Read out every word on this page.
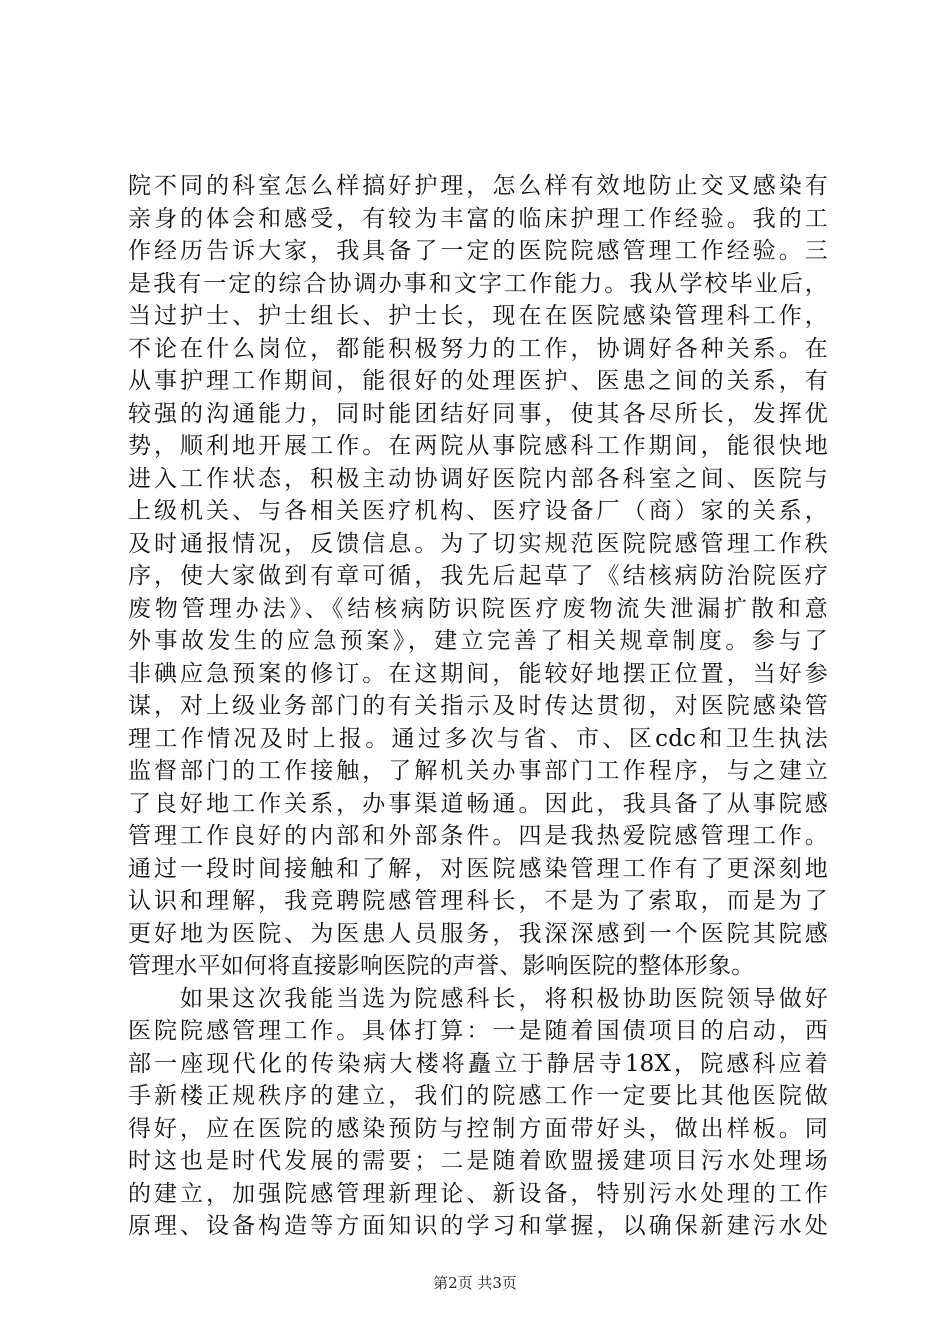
院不同的科室怎么样搞好护理，怎么样有效地防止交叉感染有
亲身的体会和感受，有较为丰富的临床护理工作经验。我的工
作经历告诉大家，我具备了一定的医院院感管理工作经验。三
是我有一定的综合协调办事和文字工作能力。我从学校毕业后，
当过护士、护士组长、护士长，现在在医院感染管理科工作，
不论在什么岗位，都能积极努力的工作，协调好各种关系。在
从事护理工作期间，能很好的处理医护、医患之间的关系，有
较强的沟通能力，同时能团结好同事，使其各尽所长，发挥优
势，顺利地开展工作。在两院从事院感科工作期间，能很快地
进入工作状态，积极主动协调好医院内部各科室之间、医院与
上级机关、与各相关医疗机构、医疗设备厂（商）家的关系，
及时通报情况，反馈信息。为了切实规范医院院感管理工作秩
序，使大家做到有章可循，我先后起草了《结核病防治院医疗
废物管理办法》、《结核病防识院医疗废物流失泄漏扩散和意
外事故发生的应急预案》，建立完善了相关规章制度。参与了
非碘应急预案的修订。在这期间，能较好地摆正位置，当好参
谋，对上级业务部门的有关指示及时传达贯彻，对医院感染管
理工作情况及时上报。通过多次与省、市、区cdc和卫生执法
监督部门的工作接触，了解机关办事部门工作程序，与之建立
了良好地工作关系，办事渠道畅通。因此，我具备了从事院感
管理工作良好的内部和外部条件。四是我热爱院感管理工作。
通过一段时间接触和了解，对医院感染管理工作有了更深刻地
认识和理解，我竞聘院感管理科长，不是为了索取，而是为了
更好地为医院、为医患人员服务，我深深感到一个医院其院感
管理水平如何将直接影响医院的声誉、影响医院的整体形象。
　　如果这次我能当选为院感科长，将积极协助医院领导做好
医院院感管理工作。具体打算：一是随着国债项目的启动，西
部一座现代化的传染病大楼将矗立于静居寺18X，院感科应着
手新楼正规秩序的建立，我们的院感工作一定要比其他医院做
得好，应在医院的感染预防与控制方面带好头，做出样板。同
时这也是时代发展的需要；二是随着欧盟援建项目污水处理场
的建立，加强院感管理新理论、新设备，特别污水处理的工作
原理、设备构造等方面知识的学习和掌握，以确保新建污水处
第2页 共3页
